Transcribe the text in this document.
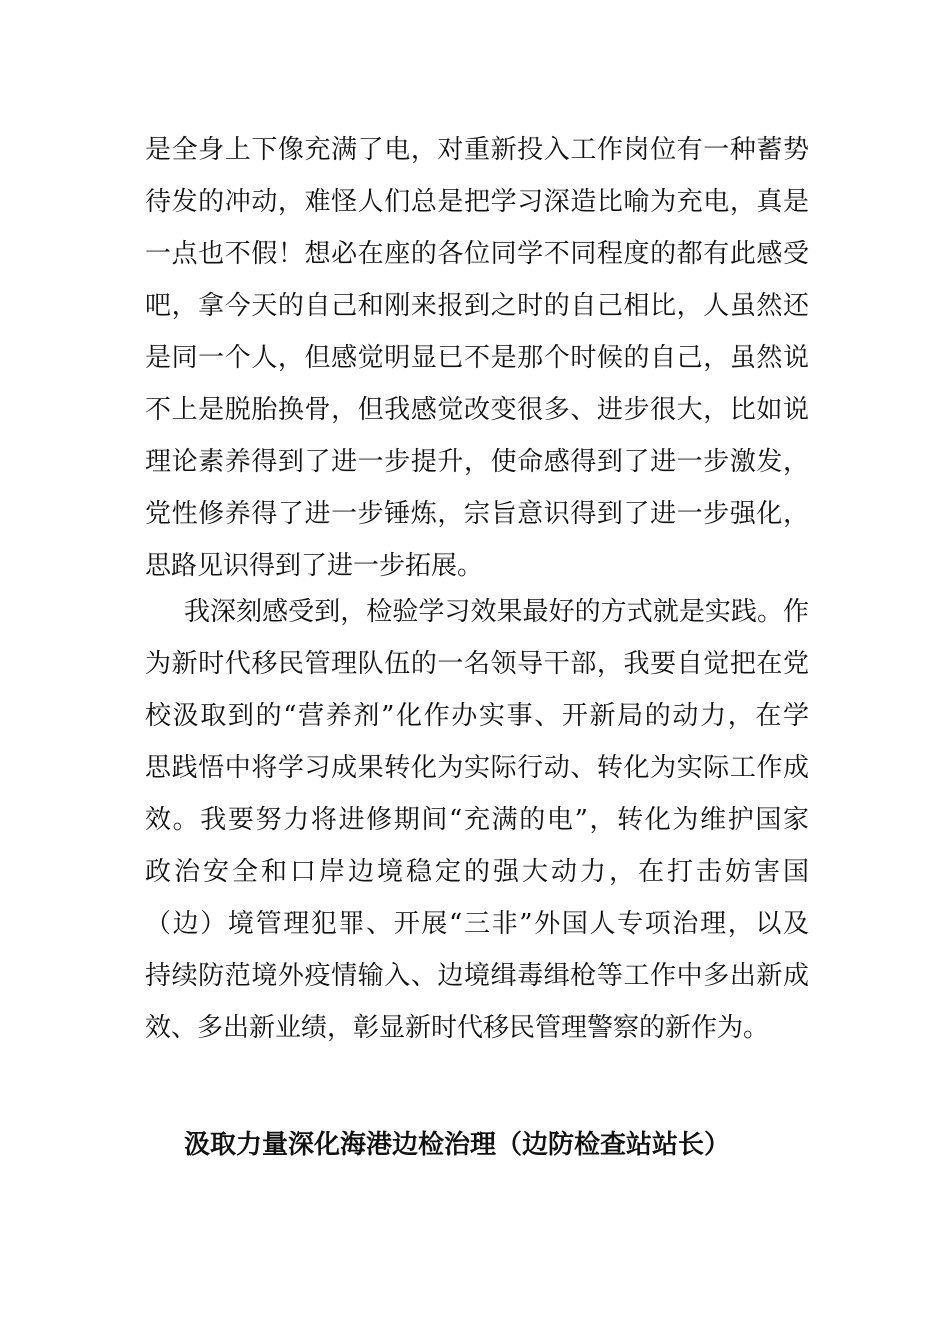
是全身上下像充满了电，对重新投入工作岗位有一种蓄势
待发的冲动，难怪人们总是把学习深造比喻为充电，真是
一点也不假！想必在座的各位同学不同程度的都有此感受
吧，拿今天的自己和刚来报到之时的自己相比，人虽然还
是同一个人，但感觉明显已不是那个时候的自己，虽然说
不上是脱胎换骨，但我感觉改变很多、进步很大，比如说
理论素养得到了进一步提升，使命感得到了进一步激发，
党性修养得了进一步锤炼，宗旨意识得到了进一步强化，
思路见识得到了进一步拓展。
我深刻感受到，检验学习效果最好的方式就是实践。作
为新时代移民管理队伍的一名领导干部，我要自觉把在党
校汲取到的“营养剂”化作办实事、开新局的动力，在学
思践悟中将学习成果转化为实际行动、转化为实际工作成
效。我要努力将进修期间“充满的电”，转化为维护国家
政治安全和口岸边境稳定的强大动力，在打击妨害国
（边）境管理犯罪、开展“三非”外国人专项治理，以及
持续防范境外疫情输入、边境缉毒缉枪等工作中多出新成
效、多出新业绩，彰显新时代移民管理警察的新作为。
汲取力量深化海港边检治理（边防检查站站长）
